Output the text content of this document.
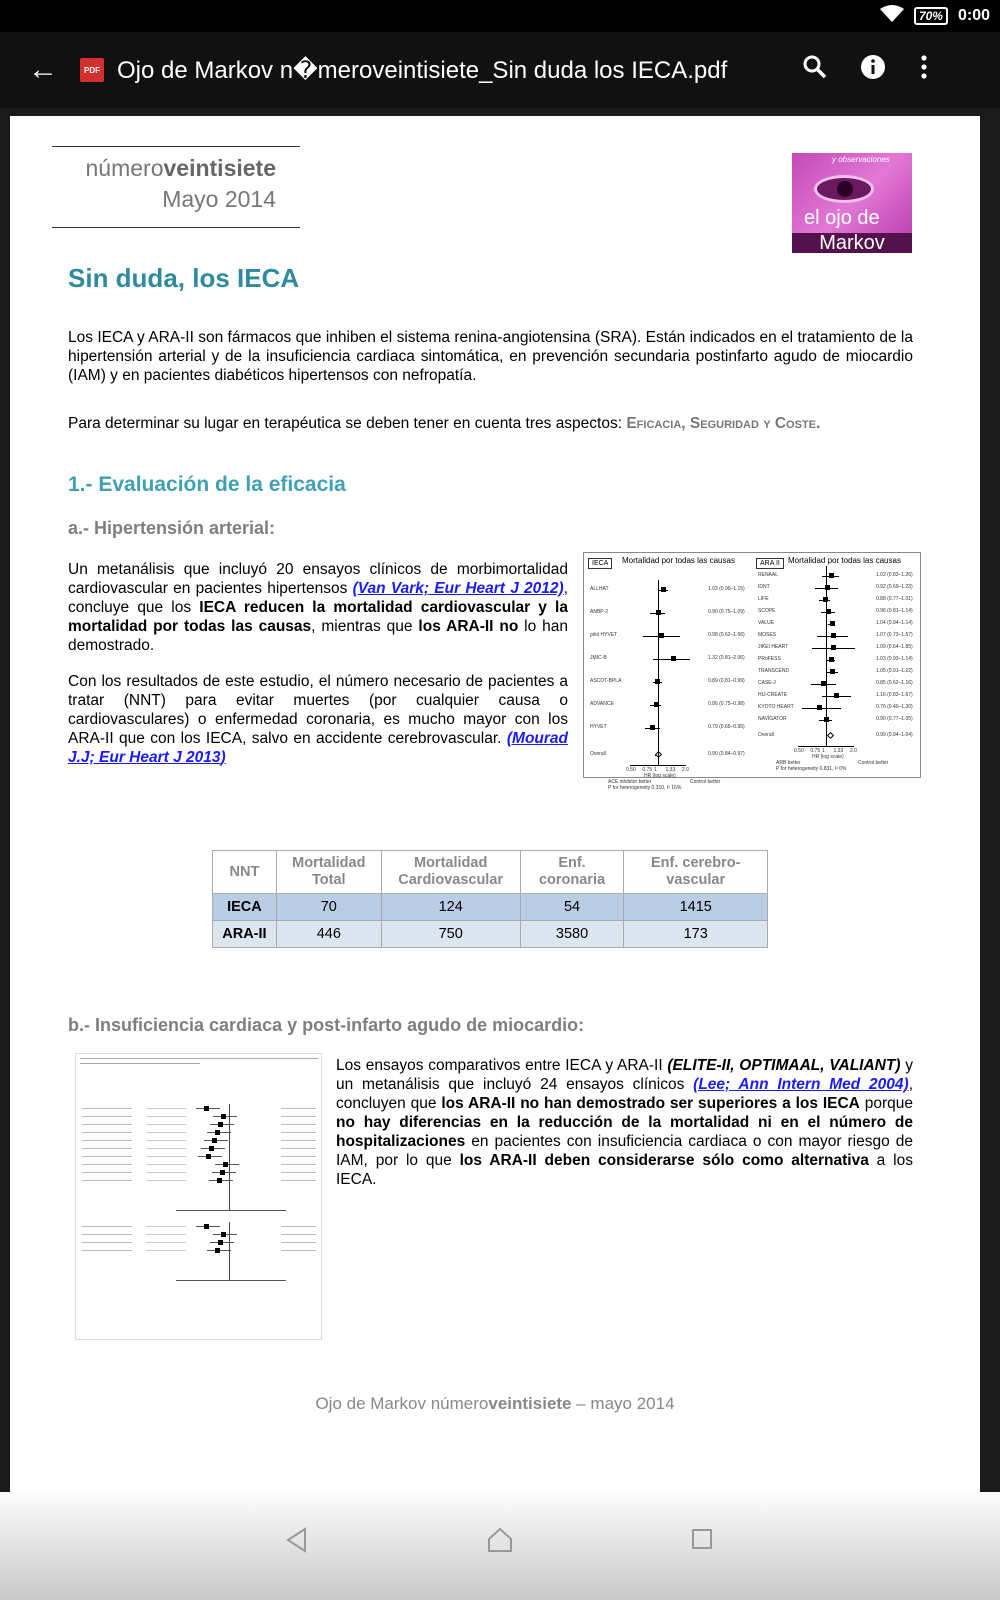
70% 0:00
←	PDF Ojo de Markov n�meroveintisiete_Sin duda los IECA.pdf
númeroveintisiete
Mayo 2014
y observaciones
el ojo de
Markov
Sin duda, los IECA

Los IECA y ARA-II son fármacos que inhiben el sistema renina-angiotensina (SRA). Están indicados en el tratamiento de la hipertensión arterial y de la insuficiencia cardiaca sintomática, en prevención secundaria postinfarto agudo de miocardio (IAM) y en pacientes diabéticos hipertensos con nefropatía.

Para determinar su lugar en terapéutica se deben tener en cuenta tres aspectos: Eficacia, Seguridad y Coste.

1.- Evaluación de la eficacia
a.- Hipertensión arterial:

Un metanálisis que incluyó 20 ensayos clínicos de morbimortalidad cardiovascular en pacientes hipertensos (Van Vark; Eur Heart J 2012), concluye que los IECA reducen la mortalidad cardiovascular y la mortalidad por todas las causas, mientras que los ARA-II no lo han demostrado.

Con los resultados de este estudio, el número necesario de pacientes a tratar (NNT) para evitar muertes (por cualquier causa o cardiovasculares) o enfermedad coronaria, es mucho mayor con los ARA-II que con los IECA, salvo en accidente cerebrovascular. (Mourad J.J; Eur Heart J 2013)

IECA	Mortalidad por todas las causas
ALLHAT	1.03 (0.90–1.15)
ANBP-2	0.90 (0.75–1.09)
pilot HYVET	0.98 (0.62–1.56)
JMIC-B	1.32 (0.81–2.06)
ASCOT-BPLA	0.89 (0.81–0.99)
ADVANCE	0.86 (0.75–0.98)
HYVET	0.79 (0.65–0.95)
Overall	0.90 (0.84–0.97)
0.50	0.75 1	1.33	2.0
HR (log scale)
ACE inhibitor better	Control better
P for heterogeneity 0.310, I² 16%
ARA II	Mortalidad por todas las causas
RENAAL	1.02 (0.83–1.26)
IDNT	0.92 (0.69–1.23)
LIFE	0.88 (0.77–1.01)
SCOPE	0.96 (0.81–1.14)
VALUE	1.04 (0.94–1.14)
MOSES	1.07 (0.73–1.57)
JIKEI HEART	1.09 (0.64–1.85)
PRoFESS	1.03 (0.93–1.14)
TRANSCEND	1.05 (0.91–1.22)
CASE-J	0.85 (0.62–1.16)
HIJ-CREATE	1.16 (0.83–1.67)
KYOTO HEART	0.76 (0.40–1.30)
NAVIGATOR	0.90 (0.77–1.05)
Overall	0.99 (0.94–1.04)
0.50	0.75 1	1.33	2.0
HR (log scale)
ARB better	Control better
P for heterogeneity 0.831, I² 0%
NNT	Mortalidad Total	Mortalidad Cardiovascular	Enf. coronaria	Enf. cerebro-vascular
IECA	70	124	54	1415
ARA-II	446	750	3580	173
b.- Insuficiencia cardiaca y post-infarto agudo de miocardio:

Los ensayos comparativos entre IECA y ARA-II (ELITE-II, OPTIMAAL, VALIANT) y un metanálisis que incluyó 24 ensayos clínicos (Lee; Ann Intern Med 2004), concluyen que los ARA-II no han demostrado ser superiores a los IECA porque no hay diferencias en la reducción de la mortalidad ni en el número de hospitalizaciones en pacientes con insuficiencia cardiaca o con mayor riesgo de IAM, por lo que los ARA-II deben considerarse sólo como alternativa a los IECA.

Ojo de Markov númeroveintisiete – mayo 2014
